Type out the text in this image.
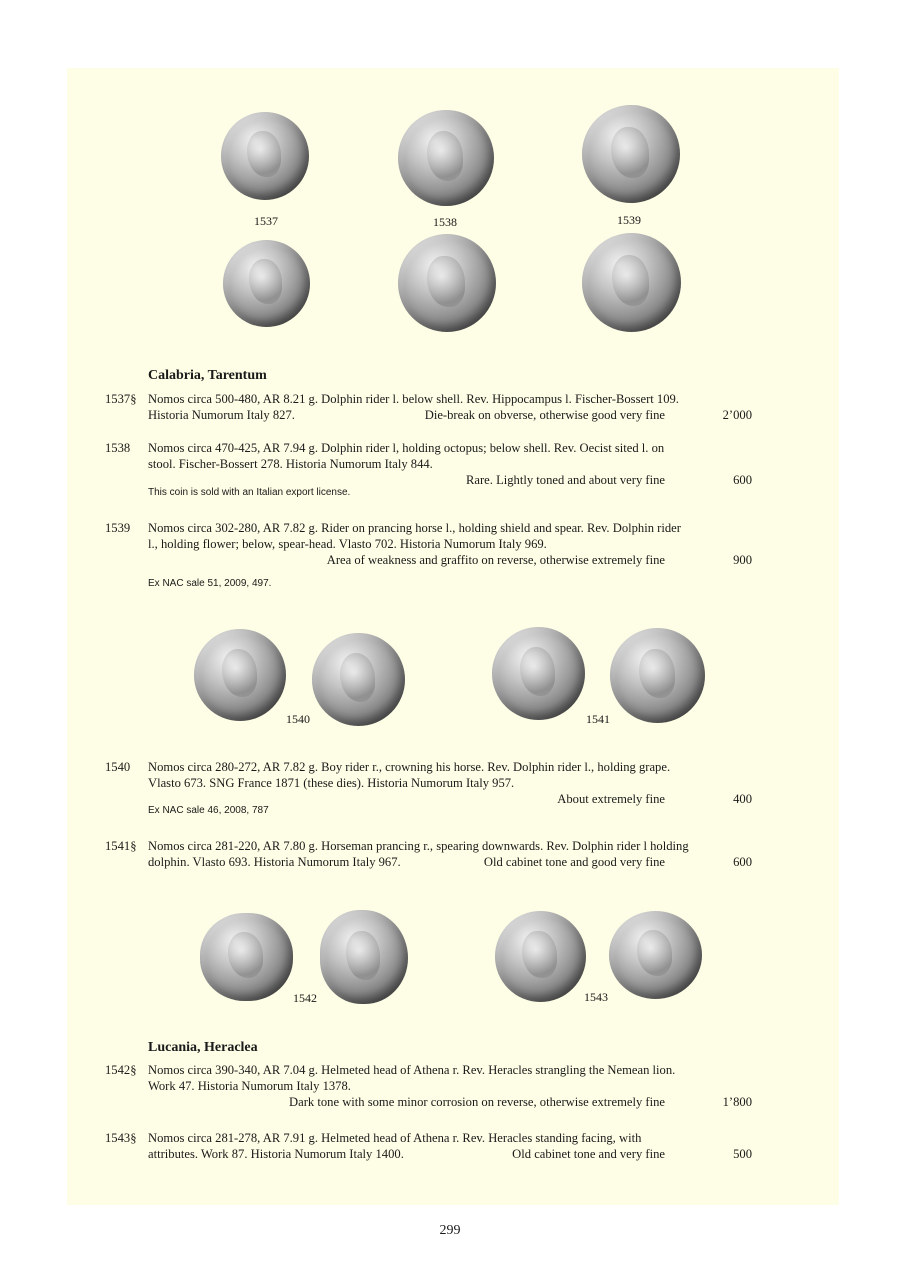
1537	1538	1539
Calabria, Tarentum
1537§ Nomos circa 500-480, AR 8.21 g. Dolphin rider l. below shell. Rev. Hippocampus l. Fischer-Bossert 109.
Historia Numorum Italy 827.	Die-break on obverse, otherwise good very fine	2’000
1538 Nomos circa 470-425, AR 7.94 g. Dolphin rider l, holding octopus; below shell. Rev. Oecist sited l. on
stool. Fischer-Bossert 278. Historia Numorum Italy 844.
Rare. Lightly toned and about very fine	600
This coin is sold with an Italian export license.
1539 Nomos circa 302-280, AR 7.82 g. Rider on prancing horse l., holding shield and spear. Rev. Dolphin rider
l., holding flower; below, spear-head. Vlasto 702. Historia Numorum Italy 969.
Area of weakness and graffito on reverse, otherwise extremely fine	900
Ex NAC sale 51, 2009, 497.
1540	1541
1540 Nomos circa 280-272, AR 7.82 g. Boy rider r., crowning his horse. Rev. Dolphin rider l., holding grape.
Vlasto 673. SNG France 1871 (these dies). Historia Numorum Italy 957.
About extremely fine	400
Ex NAC sale 46, 2008, 787
1541§ Nomos circa 281-220, AR 7.80 g. Horseman prancing r., spearing downwards. Rev. Dolphin rider l holding
dolphin. Vlasto 693. Historia Numorum Italy 967.	Old cabinet tone and good very fine	600
1542	1543
Lucania, Heraclea
1542§ Nomos circa 390-340, AR 7.04 g. Helmeted head of Athena r. Rev. Heracles strangling the Nemean lion.
Work 47. Historia Numorum Italy 1378.
Dark tone with some minor corrosion on reverse, otherwise extremely fine	1’800
1543§ Nomos circa 281-278, AR 7.91 g. Helmeted head of Athena r. Rev. Heracles standing facing, with
attributes. Work 87. Historia Numorum Italy 1400.	Old cabinet tone and very fine	500
299
